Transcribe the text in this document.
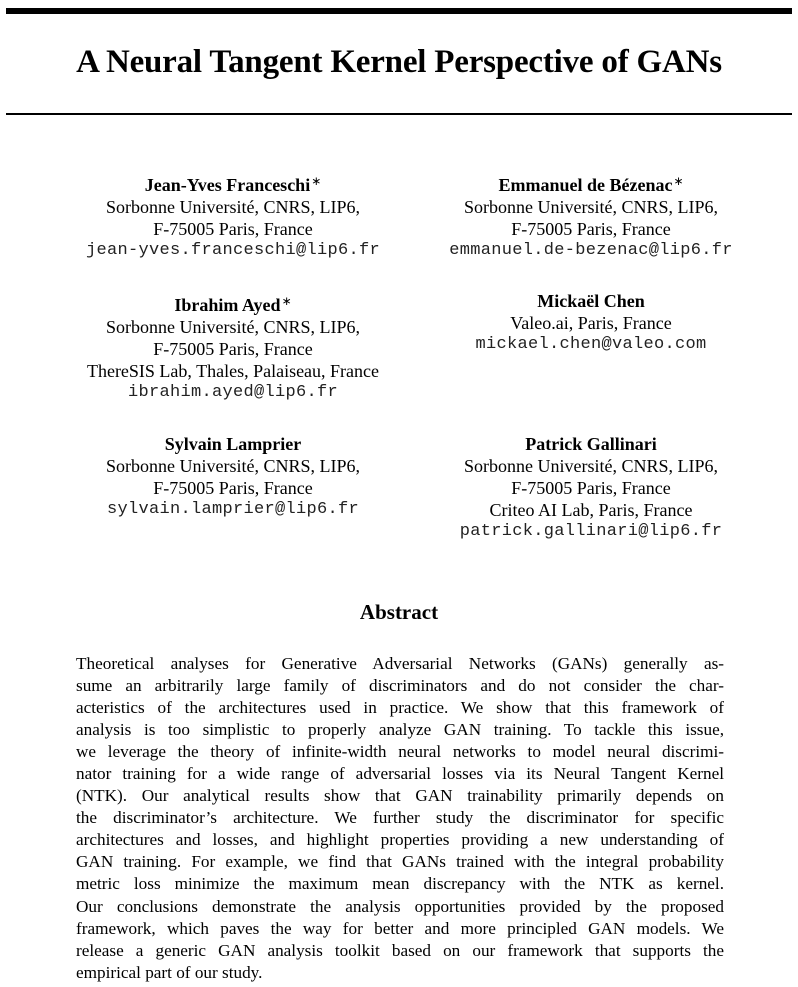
A Neural Tangent Kernel Perspective of GANs
Jean-Yves Franceschi∗
Sorbonne Université, CNRS, LIP6,
F-75005 Paris, France
jean-yves.franceschi@lip6.fr
Emmanuel de Bézenac∗
Sorbonne Université, CNRS, LIP6,
F-75005 Paris, France
emmanuel.de-bezenac@lip6.fr
Ibrahim Ayed∗
Sorbonne Université, CNRS, LIP6,
F-75005 Paris, France
ThereSIS Lab, Thales, Palaiseau, France
ibrahim.ayed@lip6.fr
Mickaël Chen
Valeo.ai, Paris, France
mickael.chen@valeo.com
Sylvain Lamprier
Sorbonne Université, CNRS, LIP6,
F-75005 Paris, France
sylvain.lamprier@lip6.fr
Patrick Gallinari
Sorbonne Université, CNRS, LIP6,
F-75005 Paris, France
Criteo AI Lab, Paris, France
patrick.gallinari@lip6.fr
Abstract
Theoretical analyses for Generative Adversarial Networks (GANs) generally as-
sume an arbitrarily large family of discriminators and do not consider the char-
acteristics of the architectures used in practice. We show that this framework of
analysis is too simplistic to properly analyze GAN training. To tackle this issue,
we leverage the theory of infinite-width neural networks to model neural discrimi-
nator training for a wide range of adversarial losses via its Neural Tangent Kernel
(NTK). Our analytical results show that GAN trainability primarily depends on
the discriminator’s architecture. We further study the discriminator for specific
architectures and losses, and highlight properties providing a new understanding of
GAN training. For example, we find that GANs trained with the integral probability
metric loss minimize the maximum mean discrepancy with the NTK as kernel.
Our conclusions demonstrate the analysis opportunities provided by the proposed
framework, which paves the way for better and more principled GAN models. We
release a generic GAN analysis toolkit based on our framework that supports the
empirical part of our study.
